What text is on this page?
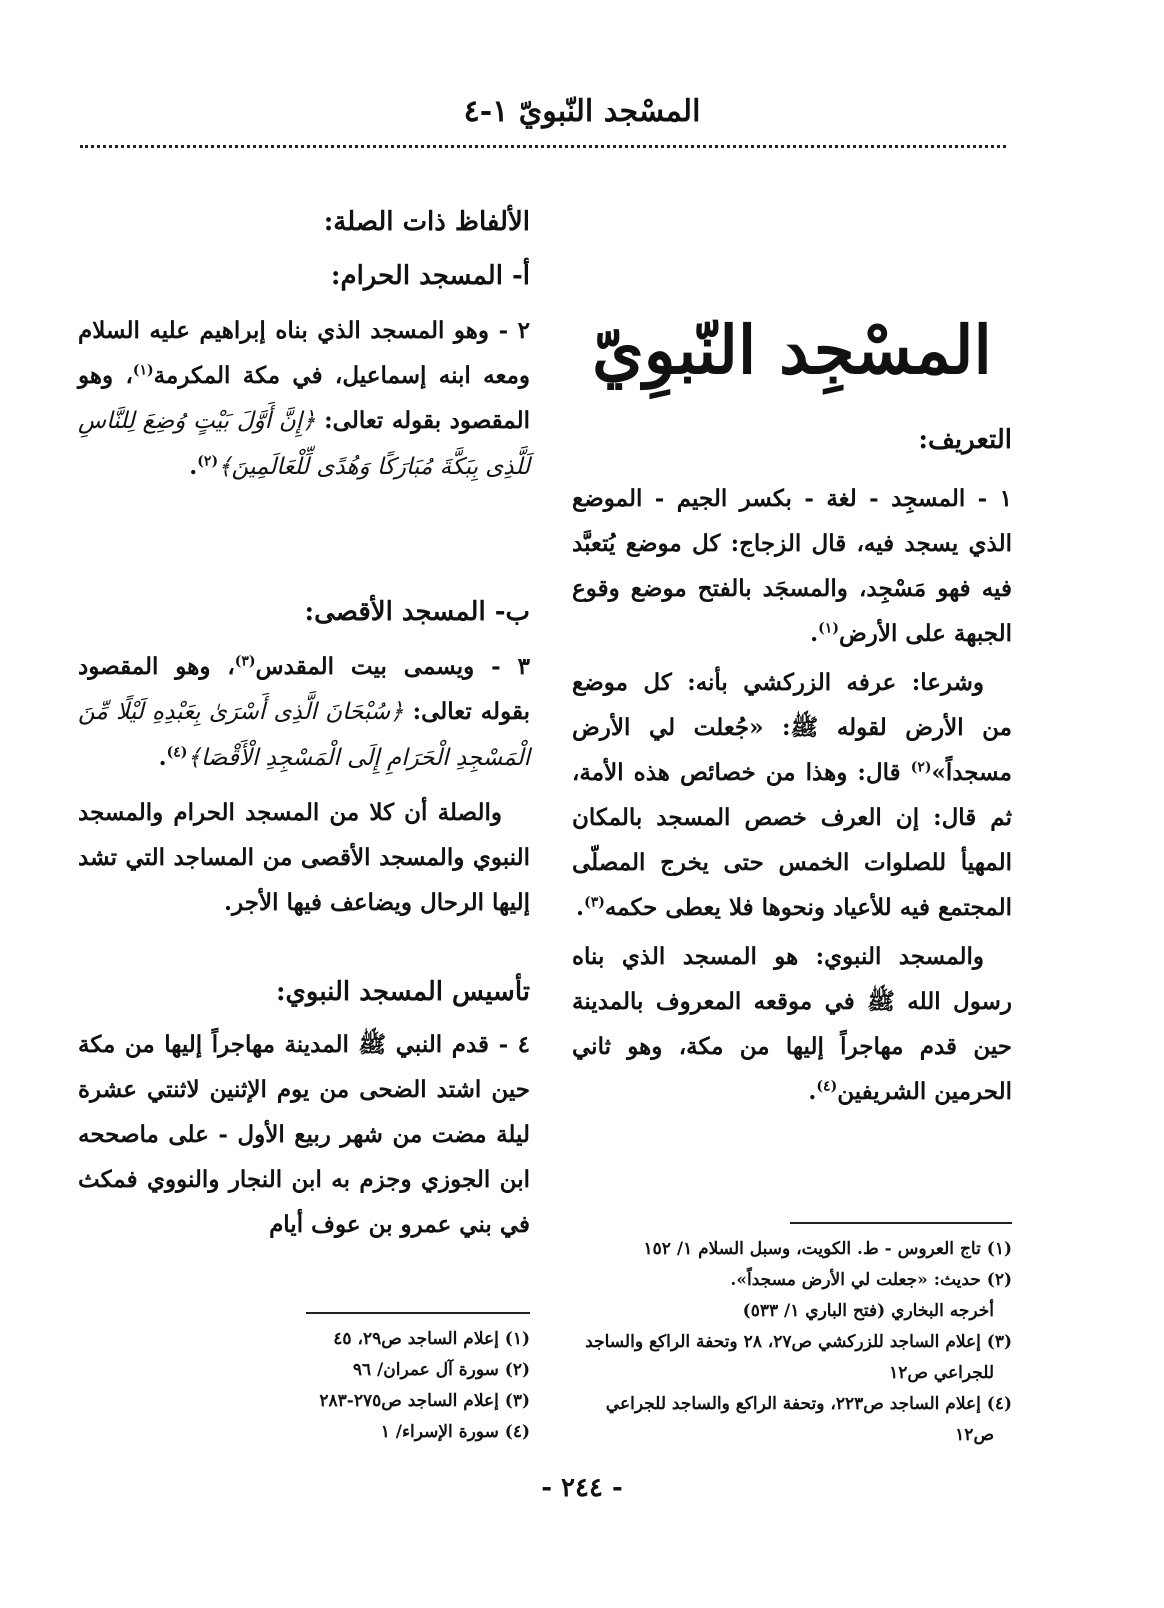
المسْجد النّبويّ ١-٤
المسْجِد النّبوِيّ
التعريف:
١ - المسجِد - لغة - بكسر الجيم - الموضع الذي يسجد فيه، قال الزجاج: كل موضع يُتعبَّد فيه فهو مَسْجِد، والمسجَد بالفتح موضع وقوع الجبهة على الأرض$^{(١)}$.
وشرعا: عرفه الزركشي بأنه: كل موضع من الأرض لقوله ﷺ: «جُعلت لي الأرض مسجداً»$^{(٢)}$ قال: وهذا من خصائص هذه الأمة، ثم قال: إن العرف خصص المسجد بالمكان المهيأ للصلوات الخمس حتى يخرج المصلّى المجتمع فيه للأعياد ونحوها فلا يعطى حكمه$^{(٣)}$.
والمسجد النبوي: هو المسجد الذي بناه رسول الله ﷺ في موقعه المعروف بالمدينة حين قدم مهاجراً إليها من مكة، وهو ثاني الحرمين الشريفين$^{(٤)}$.
الألفاظ ذات الصلة:
أ- المسجد الحرام:
٢ - وهو المسجد الذي بناه إبراهيم عليه السلام ومعه ابنه إسماعيل، في مكة المكرمة$^{(١)}$، وهو المقصود بقوله تعالى: ﴿إِنَّ أَوَّلَ بَيْتٍ وُضِعَ لِلنَّاسِ لَلَّذِى بِبَكَّةَ مُبَارَكًا وَهُدًى لِّلْعَالَمِينَ﴾$^{(٢)}$.
ب- المسجد الأقصى:
٣ - ويسمى بيت المقدس$^{(٣)}$، وهو المقصود بقوله تعالى: ﴿سُبْحَانَ الَّذِى أَسْرَىٰ بِعَبْدِهِ لَيْلًا مِّنَ الْمَسْجِدِ الْحَرَامِ إِلَى الْمَسْجِدِ الْأَقْصَا﴾$^{(٤)}$.
والصلة أن كلا من المسجد الحرام والمسجد النبوي والمسجد الأقصى من المساجد التي تشد إليها الرحال ويضاعف فيها الأجر.
تأسيس المسجد النبوي:
٤ - قدم النبي ﷺ المدينة مهاجراً إليها من مكة حين اشتد الضحى من يوم الإثنين لاثنتي عشرة ليلة مضت من شهر ربيع الأول - على ماصححه ابن الجوزي وجزم به ابن النجار والنووي فمكث في بني عمرو بن عوف أيام
(١) تاج العروس - ط. الكويت، وسبل السلام ١/ ١٥٢
(٢) حديث: «جعلت لي الأرض مسجداً».
أخرجه البخاري (فتح الباري ١/ ٥٣٣)
(٣) إعلام الساجد للزركشي ص٢٧، ٢٨ وتحفة الراكع والساجد
للجراعي ص١٢
(٤) إعلام الساجد ص٢٢٣، وتحفة الراكع والساجد للجراعي
ص١٢
(١) إعلام الساجد ص٢٩، ٤٥
(٢) سورة آل عمران/ ٩٦
(٣) إعلام الساجد ص٢٧٥-٢٨٣
(٤) سورة الإسراء/ ١
- ٢٤٤ -
